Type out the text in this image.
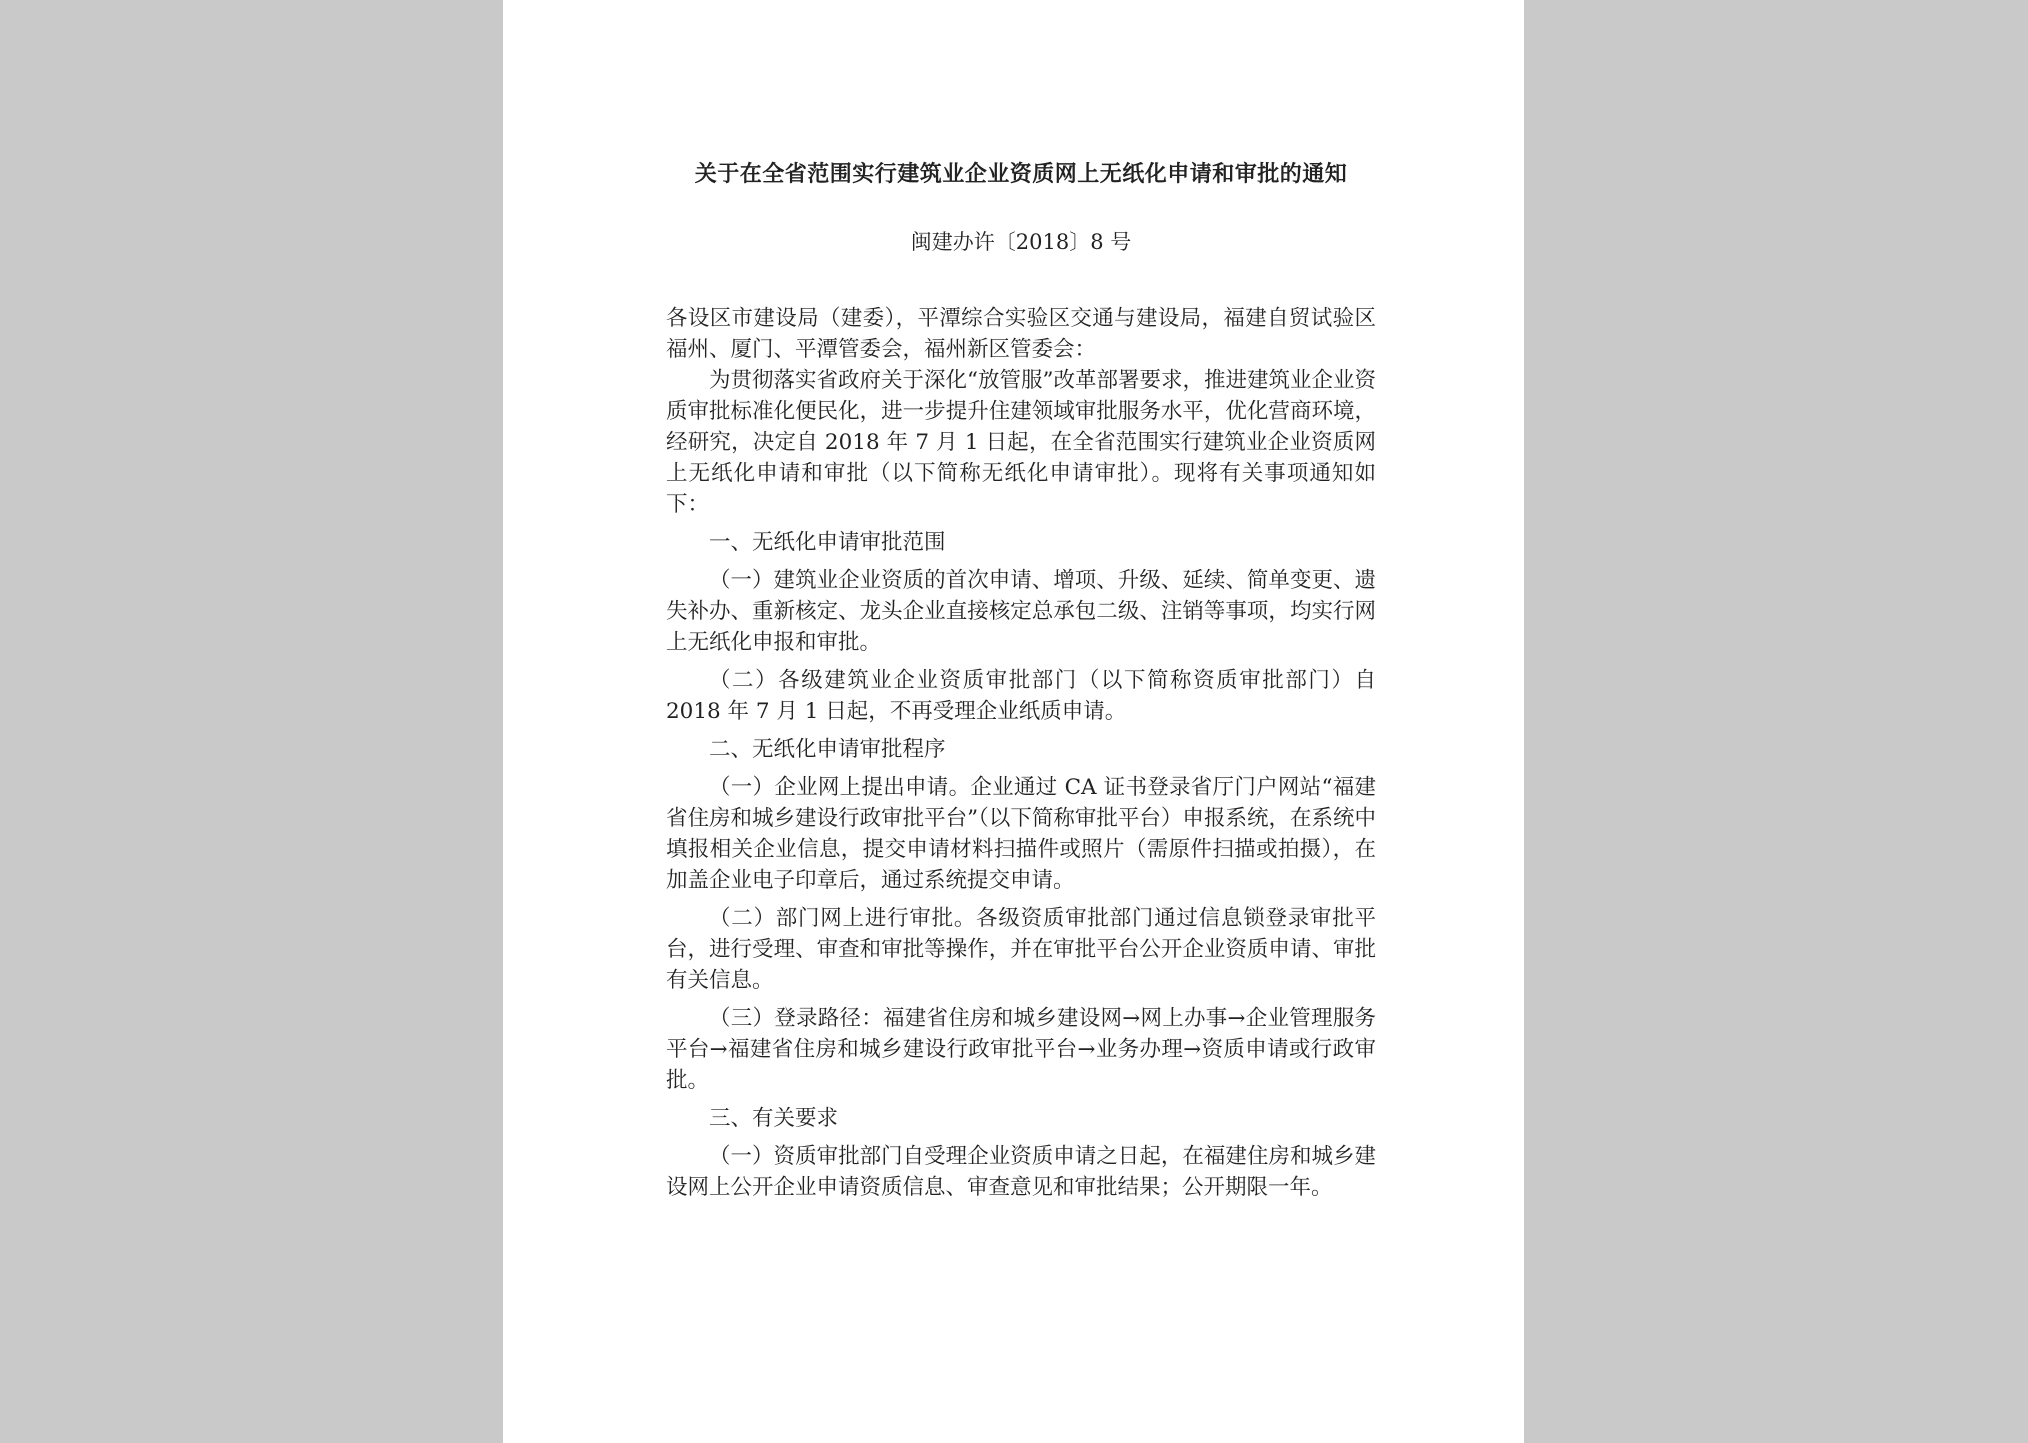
关于在全省范围实行建筑业企业资质网上无纸化申请和审批的通知
闽建办许〔2018〕8 号

各设区市建设局（建委），平潭综合实验区交通与建设局，福建自贸试验区福州、厦门、平潭管委会，福州新区管委会：

为贯彻落实省政府关于深化“放管服”改革部署要求，推进建筑业企业资质审批标准化便民化，进一步提升住建领域审批服务水平，优化营商环境，经研究，决定自 2018 年 7 月 1 日起，在全省范围实行建筑业企业资质网上无纸化申请和审批（以下简称无纸化申请审批）。现将有关事项通知如下：

一、无纸化申请审批范围

（一）建筑业企业资质的首次申请、增项、升级、延续、简单变更、遗失补办、重新核定、龙头企业直接核定总承包二级、注销等事项，均实行网上无纸化申报和审批。

（二）各级建筑业企业资质审批部门（以下简称资质审批部门）自 2018 年 7 月 1 日起，不再受理企业纸质申请。

二、无纸化申请审批程序

（一）企业网上提出申请。企业通过 CA 证书登录省厅门户网站“福建省住房和城乡建设行政审批平台”（以下简称审批平台）申报系统，在系统中填报相关企业信息，提交申请材料扫描件或照片（需原件扫描或拍摄），在加盖企业电子印章后，通过系统提交申请。

（二）部门网上进行审批。各级资质审批部门通过信息锁登录审批平台，进行受理、审查和审批等操作，并在审批平台公开企业资质申请、审批有关信息。

（三）登录路径：福建省住房和城乡建设网→网上办事→企业管理服务平台→福建省住房和城乡建设行政审批平台→业务办理→资质申请或行政审批。

三、有关要求

（一）资质审批部门自受理企业资质申请之日起，在福建住房和城乡建设网上公开企业申请资质信息、审查意见和审批结果；公开期限一年。
